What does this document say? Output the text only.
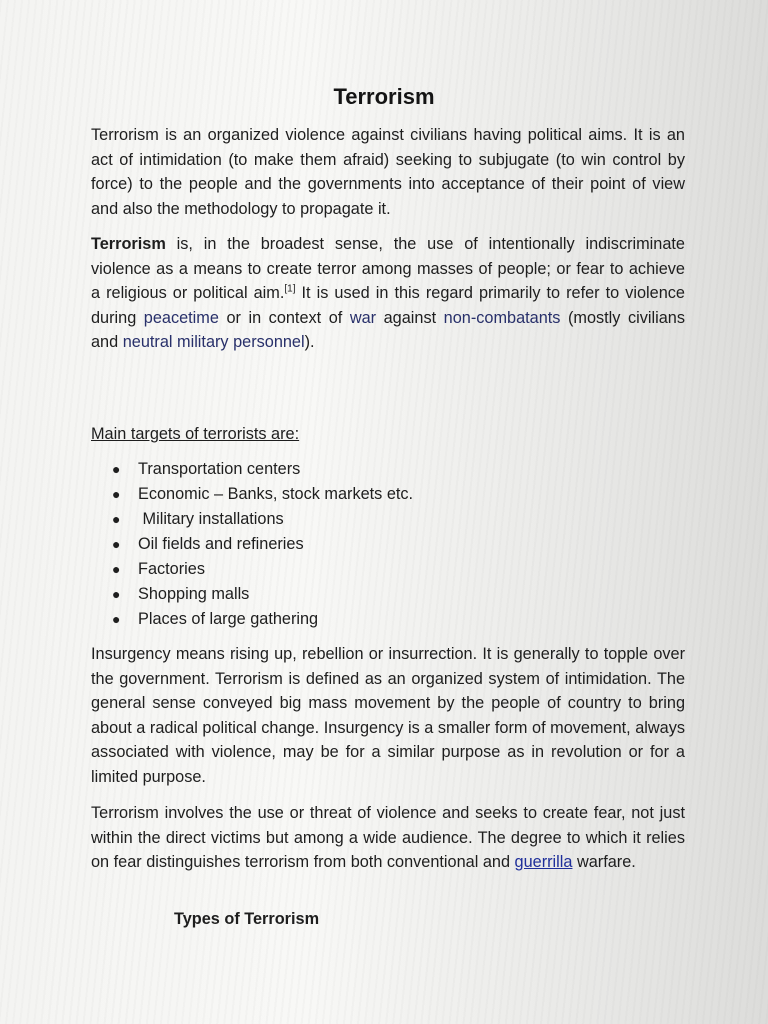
Terrorism

Terrorism is an organized violence against civilians having political aims. It is an act of intimidation (to make them afraid) seeking to subjugate (to win control by force) to the people and the governments into acceptance of their point of view and also the methodology to propagate it.

Terrorism is, in the broadest sense, the use of intentionally indiscriminate violence as a means to create terror among masses of people; or fear to achieve a religious or political aim.[1] It is used in this regard primarily to refer to violence during peacetime or in context of war against non-combatants (mostly civilians and neutral military personnel).

Main targets of terrorists are:
● Transportation centers
● Economic – Banks, stock markets etc.
● Military installations
● Oil fields and refineries
● Factories
● Shopping malls
● Places of large gathering

Insurgency means rising up, rebellion or insurrection. It is generally to topple over the government. Terrorism is defined as an organized system of intimidation. The general sense conveyed big mass movement by the people of country to bring about a radical political change. Insurgency is a smaller form of movement, always associated with violence, may be for a similar purpose as in revolution or for a limited purpose.

Terrorism involves the use or threat of violence and seeks to create fear, not just within the direct victims but among a wide audience. The degree to which it relies on fear distinguishes terrorism from both conventional and guerrilla warfare.

Types of Terrorism
